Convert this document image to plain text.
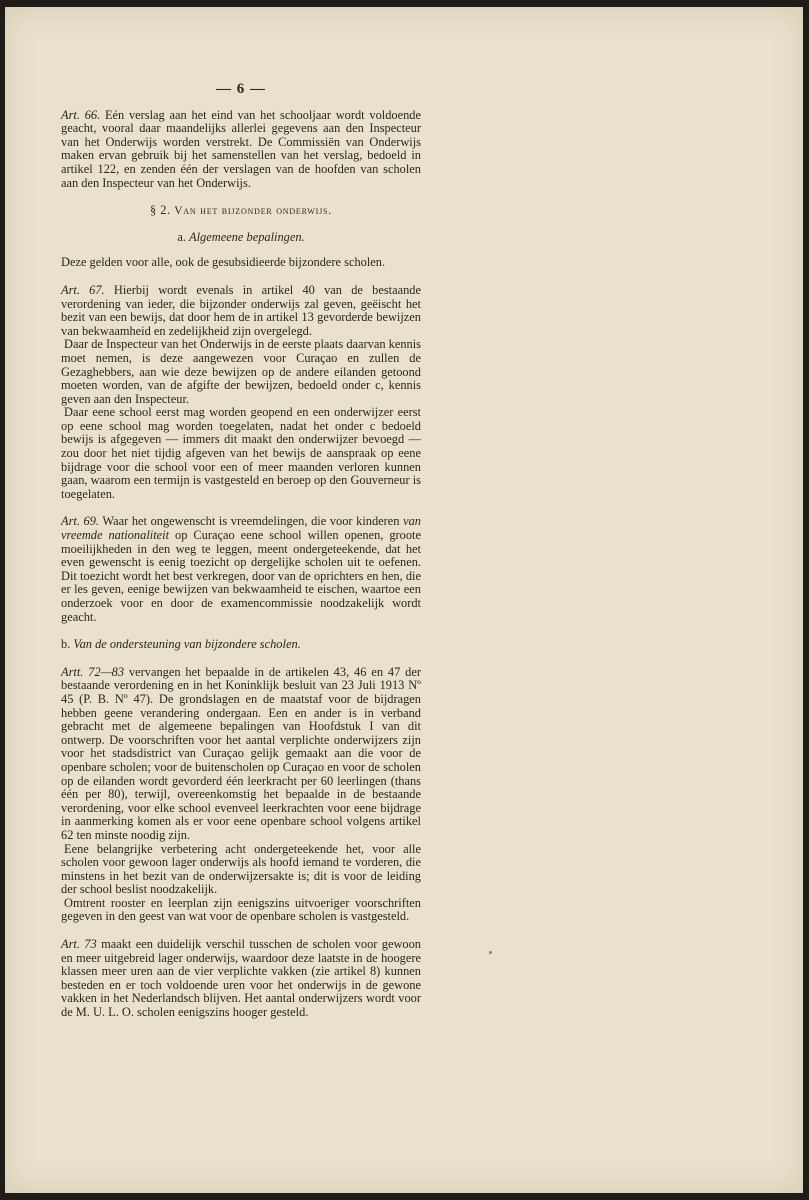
— 6 —

Art. 66. Eén verslag aan het eind van het schooljaar wordt voldoende geacht, vooral daar maandelijks allerlei gegevens aan den Inspecteur van het Onderwijs worden verstrekt. De Commissiën van Onderwijs maken ervan gebruik bij het samenstellen van het verslag, bedoeld in artikel 122, en zenden één der verslagen van de hoofden van scholen aan den Inspecteur van het Onderwijs.

§ 2. Van het bijzonder onderwijs.
a. Algemeene bepalingen.

Deze gelden voor alle, ook de gesubsidieerde bijzondere scholen.

Art. 67. Hierbij wordt evenals in artikel 40 van de bestaande verordening van ieder, die bijzonder onderwijs zal geven, geëischt het bezit van een bewijs, dat door hem de in artikel 13 gevorderde bewijzen van bekwaamheid en zedelijkheid zijn overgelegd.

Daar de Inspecteur van het Onderwijs in de eerste plaats daarvan kennis moet nemen, is deze aangewezen voor Curaçao en zullen de Gezaghebbers, aan wie deze bewijzen op de andere eilanden getoond moeten worden, van de afgifte der bewijzen, bedoeld onder c, kennis geven aan den Inspecteur.

Daar eene school eerst mag worden geopend en een onderwijzer eerst op eene school mag worden toegelaten, nadat het onder c bedoeld bewijs is afgegeven — immers dit maakt den onderwijzer bevoegd — zou door het niet tijdig afgeven van het bewijs de aanspraak op eene bijdrage voor die school voor een of meer maanden verloren kunnen gaan, waarom een termijn is vastgesteld en beroep op den Gouverneur is toegelaten.

Art. 69. Waar het ongewenscht is vreemdelingen, die voor kinderen van vreemde nationaliteit op Curaçao eene school willen openen, groote moeilijkheden in den weg te leggen, meent ondergeteekende, dat het even gewenscht is eenig toezicht op dergelijke scholen uit te oefenen. Dit toezicht wordt het best verkregen, door van de oprichters en hen, die er les geven, eenige bewijzen van bekwaamheid te eischen, waartoe een onderzoek voor en door de examencommissie noodzakelijk wordt geacht.

b. Van de ondersteuning van bijzondere scholen.

Artt. 72—83 vervangen het bepaalde in de artikelen 43, 46 en 47 der bestaande verordening en in het Koninklijk besluit van 23 Juli 1913 Nº 45 (P. B. Nº 47). De grondslagen en de maatstaf voor de bijdragen hebben geene verandering ondergaan. Een en ander is in verband gebracht met de algemeene bepalingen van Hoofdstuk I van dit ontwerp. De voorschriften voor het aantal verplichte onderwijzers zijn voor het stadsdistrict van Curaçao gelijk gemaakt aan die voor de openbare scholen; voor de buitenscholen op Curaçao en voor de scholen op de eilanden wordt gevorderd één leerkracht per 60 leerlingen (thans één per 80), terwijl, overeenkomstig het bepaalde in de bestaande verordening, voor elke school evenveel leerkrachten voor eene bijdrage in aanmerking komen als er voor eene openbare school volgens artikel 62 ten minste noodig zijn.

Eene belangrijke verbetering acht ondergeteekende het, voor alle scholen voor gewoon lager onderwijs als hoofd iemand te vorderen, die minstens in het bezit van de onderwijzersakte is; dit is voor de leiding der school beslist noodzakelijk.

Omtrent rooster en leerplan zijn eenigszins uitvoeriger voorschriften gegeven in den geest van wat voor de openbare scholen is vastgesteld.

Art. 73 maakt een duidelijk verschil tusschen de scholen voor gewoon en meer uitgebreid lager onderwijs, waardoor deze laatste in de hoogere klassen meer uren aan de vier verplichte vakken (zie artikel 8) kunnen besteden en er toch voldoende uren voor het onderwijs in de gewone vakken in het Nederlandsch blijven. Het aantal onderwijzers wordt voor de M. U. L. O. scholen eenigszins hooger gesteld.
